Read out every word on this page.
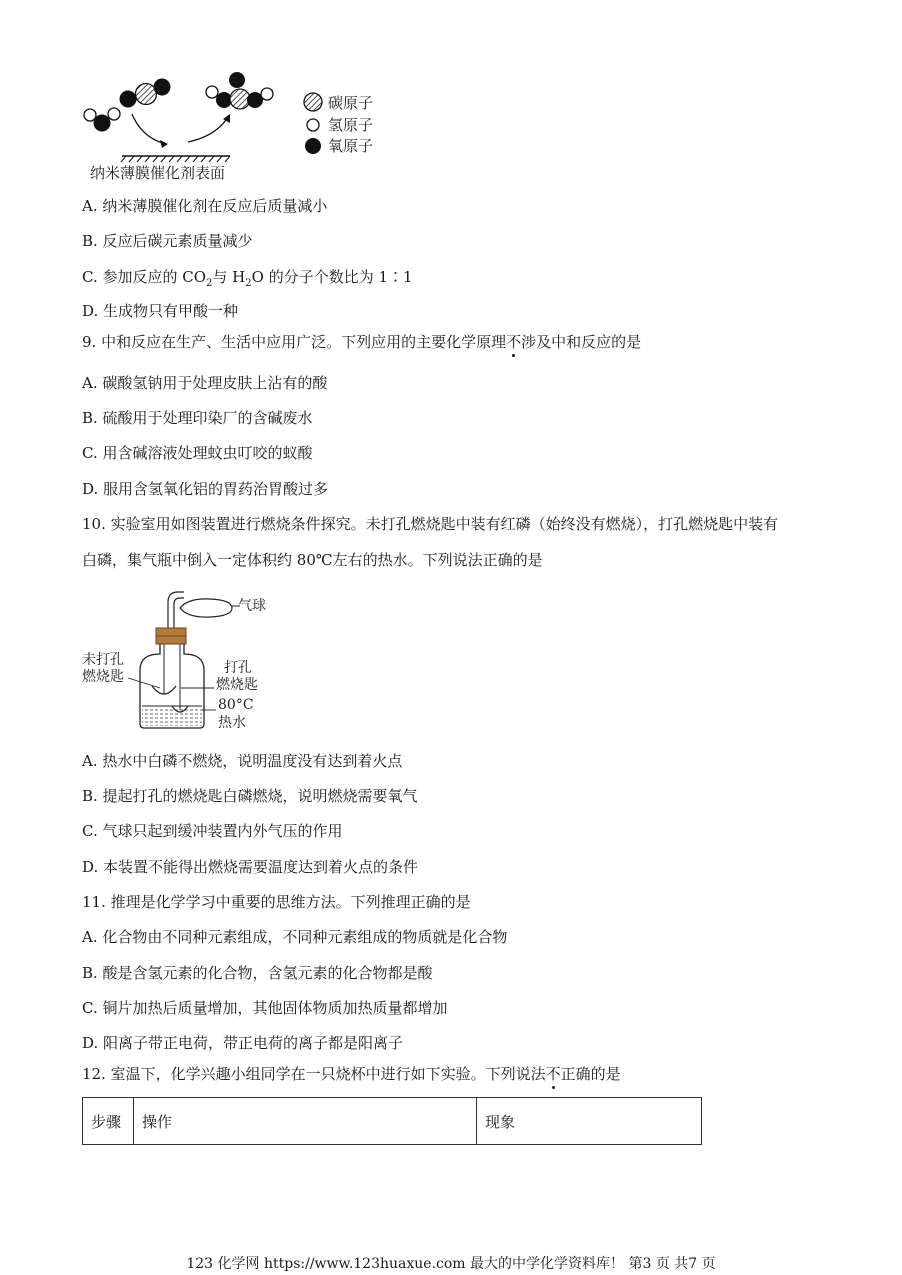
纳米薄膜催化剂表面
碳原子
氢原子
氧原子
A. 纳米薄膜催化剂在反应后质量减小
B. 反应后碳元素质量减少
C. 参加反应的 $CO_2$与 $H_2O$ 的分子个数比为 1∶1
D. 生成物只有甲酸一种
9. 中和反应在生产、生活中应用广泛。下列应用的主要化学原理不涉及中和反应的是
A. 碳酸氢钠用于处理皮肤上沾有的酸
B. 硫酸用于处理印染厂的含碱废水
C. 用含碱溶液处理蚊虫叮咬的蚁酸
D. 服用含氢氧化铝的胃药治胃酸过多
10. 实验室用如图装置进行燃烧条件探究。未打孔燃烧匙中装有红磷（始终没有燃烧），打孔燃烧匙中装有
白磷，集气瓶中倒入一定体积约 80℃左右的热水。下列说法正确的是
气球
未打孔
燃烧匙
打孔
燃烧匙
80°C
热水
A. 热水中白磷不燃烧，说明温度没有达到着火点
B. 提起打孔的燃烧匙白磷燃烧，说明燃烧需要氧气
C. 气球只起到缓冲装置内外气压的作用
D. 本装置不能得出燃烧需要温度达到着火点的条件
11. 推理是化学学习中重要的思维方法。下列推理正确的是
A. 化合物由不同种元素组成，不同种元素组成的物质就是化合物
B. 酸是含氢元素的化合物，含氢元素的化合物都是酸
C. 铜片加热后质量增加，其他固体物质加热质量都增加
D. 阳离子带正电荷，带正电荷的离子都是阳离子
12. 室温下，化学兴趣小组同学在一只烧杯中进行如下实验。下列说法不正确的是
步骤	操作	现象
123 化学网 https://www.123huaxue.com 最大的中学化学资料库！ 第3 页 共7 页
